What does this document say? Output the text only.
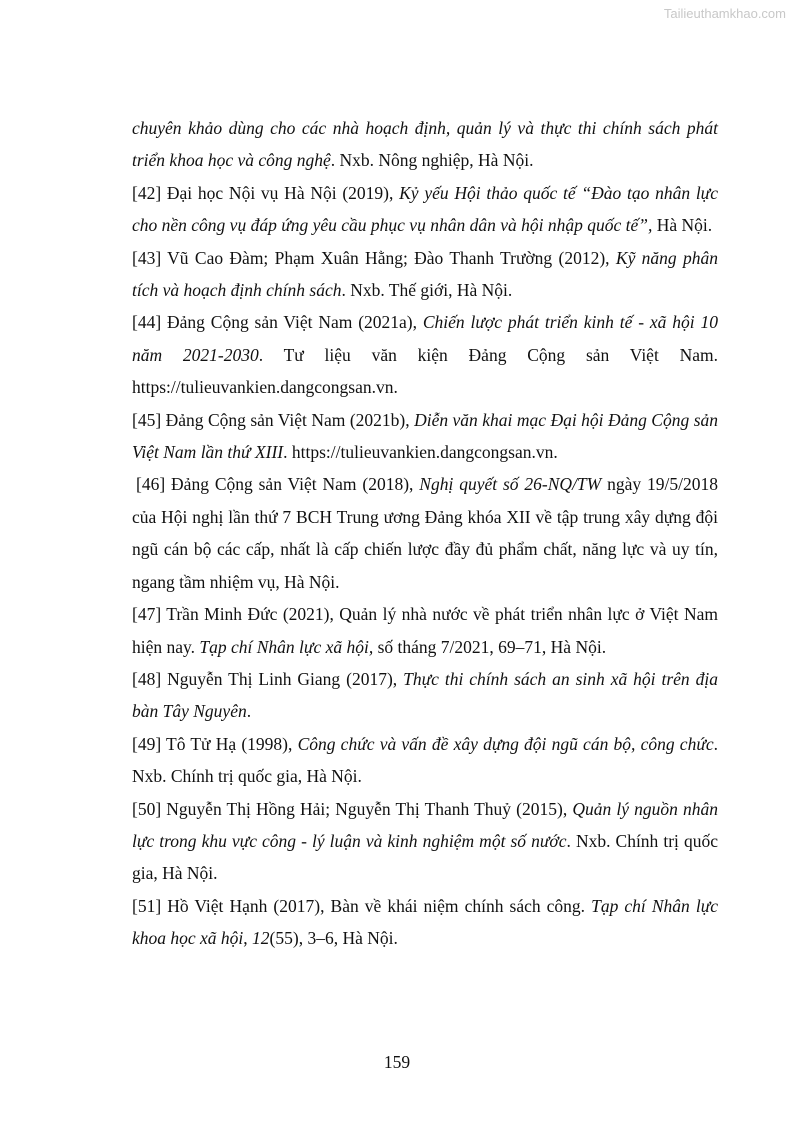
Tailieuthamkhao.com

chuyên khảo dùng cho các nhà hoạch định, quản lý và thực thi chính sách phát triển khoa học và công nghệ. Nxb. Nông nghiệp, Hà Nội.

[42] Đại học Nội vụ Hà Nội (2019), Kỷ yếu Hội thảo quốc tế “Đào tạo nhân lực cho nền công vụ đáp ứng yêu cầu phục vụ nhân dân và hội nhập quốc tế”, Hà Nội.

[43] Vũ Cao Đàm; Phạm Xuân Hằng; Đào Thanh Trường (2012), Kỹ năng phân tích và hoạch định chính sách. Nxb. Thế giới, Hà Nội.

[44] Đảng Cộng sản Việt Nam (2021a), Chiến lược phát triển kinh tế - xã hội 10 năm 2021-2030. Tư liệu văn kiện Đảng Cộng sản Việt Nam. https://tulieuvankien.dangcongsan.vn.

[45] Đảng Cộng sản Việt Nam (2021b), Diễn văn khai mạc Đại hội Đảng Cộng sản Việt Nam lần thứ XIII. https://tulieuvankien.dangcongsan.vn.

[46] Đảng Cộng sản Việt Nam (2018), Nghị quyết số 26-NQ/TW ngày 19/5/2018 của Hội nghị lần thứ 7 BCH Trung ương Đảng khóa XII về tập trung xây dựng đội ngũ cán bộ các cấp, nhất là cấp chiến lược đầy đủ phẩm chất, năng lực và uy tín, ngang tầm nhiệm vụ, Hà Nội.

[47] Trần Minh Đức (2021), Quản lý nhà nước về phát triển nhân lực ở Việt Nam hiện nay. Tạp chí Nhân lực xã hội, số tháng 7/2021, 69–71, Hà Nội.

[48] Nguyễn Thị Linh Giang (2017), Thực thi chính sách an sinh xã hội trên địa bàn Tây Nguyên.

[49] Tô Tử Hạ (1998), Công chức và vấn đề xây dựng đội ngũ cán bộ, công chức. Nxb. Chính trị quốc gia, Hà Nội.

[50] Nguyễn Thị Hồng Hải; Nguyễn Thị Thanh Thuỷ (2015), Quản lý nguồn nhân lực trong khu vực công - lý luận và kinh nghiệm một số nước. Nxb. Chính trị quốc gia, Hà Nội.

[51] Hồ Việt Hạnh (2017), Bàn về khái niệm chính sách công. Tạp chí Nhân lực khoa học xã hội, 12(55), 3–6, Hà Nội.

159
